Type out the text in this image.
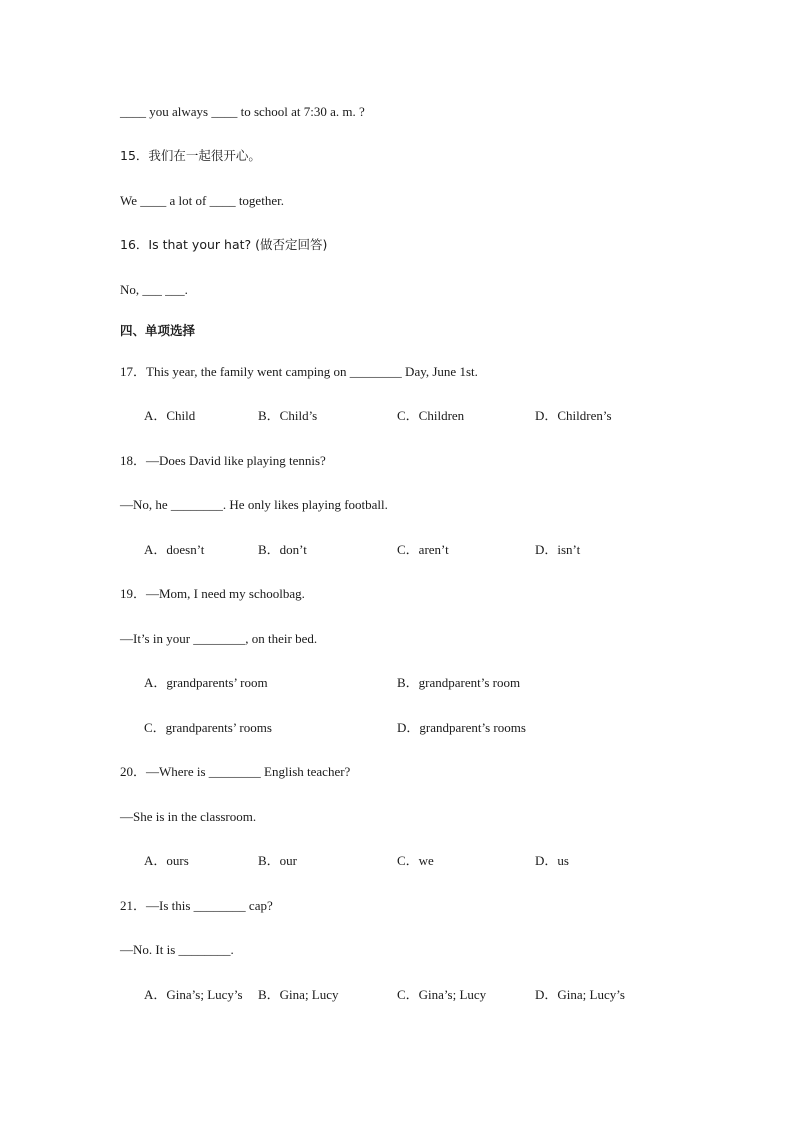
____ you always ____ to school at 7:30 a. m. ?
15．我们在一起很开心。
We ____ a lot of ____ together.
16．Is that your hat? (做否定回答)
No, ___ ___.
四、单项选择
17．This year, the family went camping on ________ Day, June 1st.
A．Child	B．Child’s	C．Children	D．Children’s
18．—Does David like playing tennis?
—No, he ________. He only likes playing football.
A．doesn’t	B．don’t	C．aren’t	D．isn’t
19．—Mom, I need my schoolbag.
—It’s in your ________, on their bed.
A．grandparents’ room	B．grandparent’s room
C．grandparents’ rooms	D．grandparent’s rooms
20．—Where is ________ English teacher?
—She is in the classroom.
A．ours	B．our	C．we	D．us
21．—Is this ________ cap?
—No. It is ________.
A．Gina’s; Lucy’s B．Gina; Lucy	C．Gina’s; Lucy	D．Gina; Lucy’s
